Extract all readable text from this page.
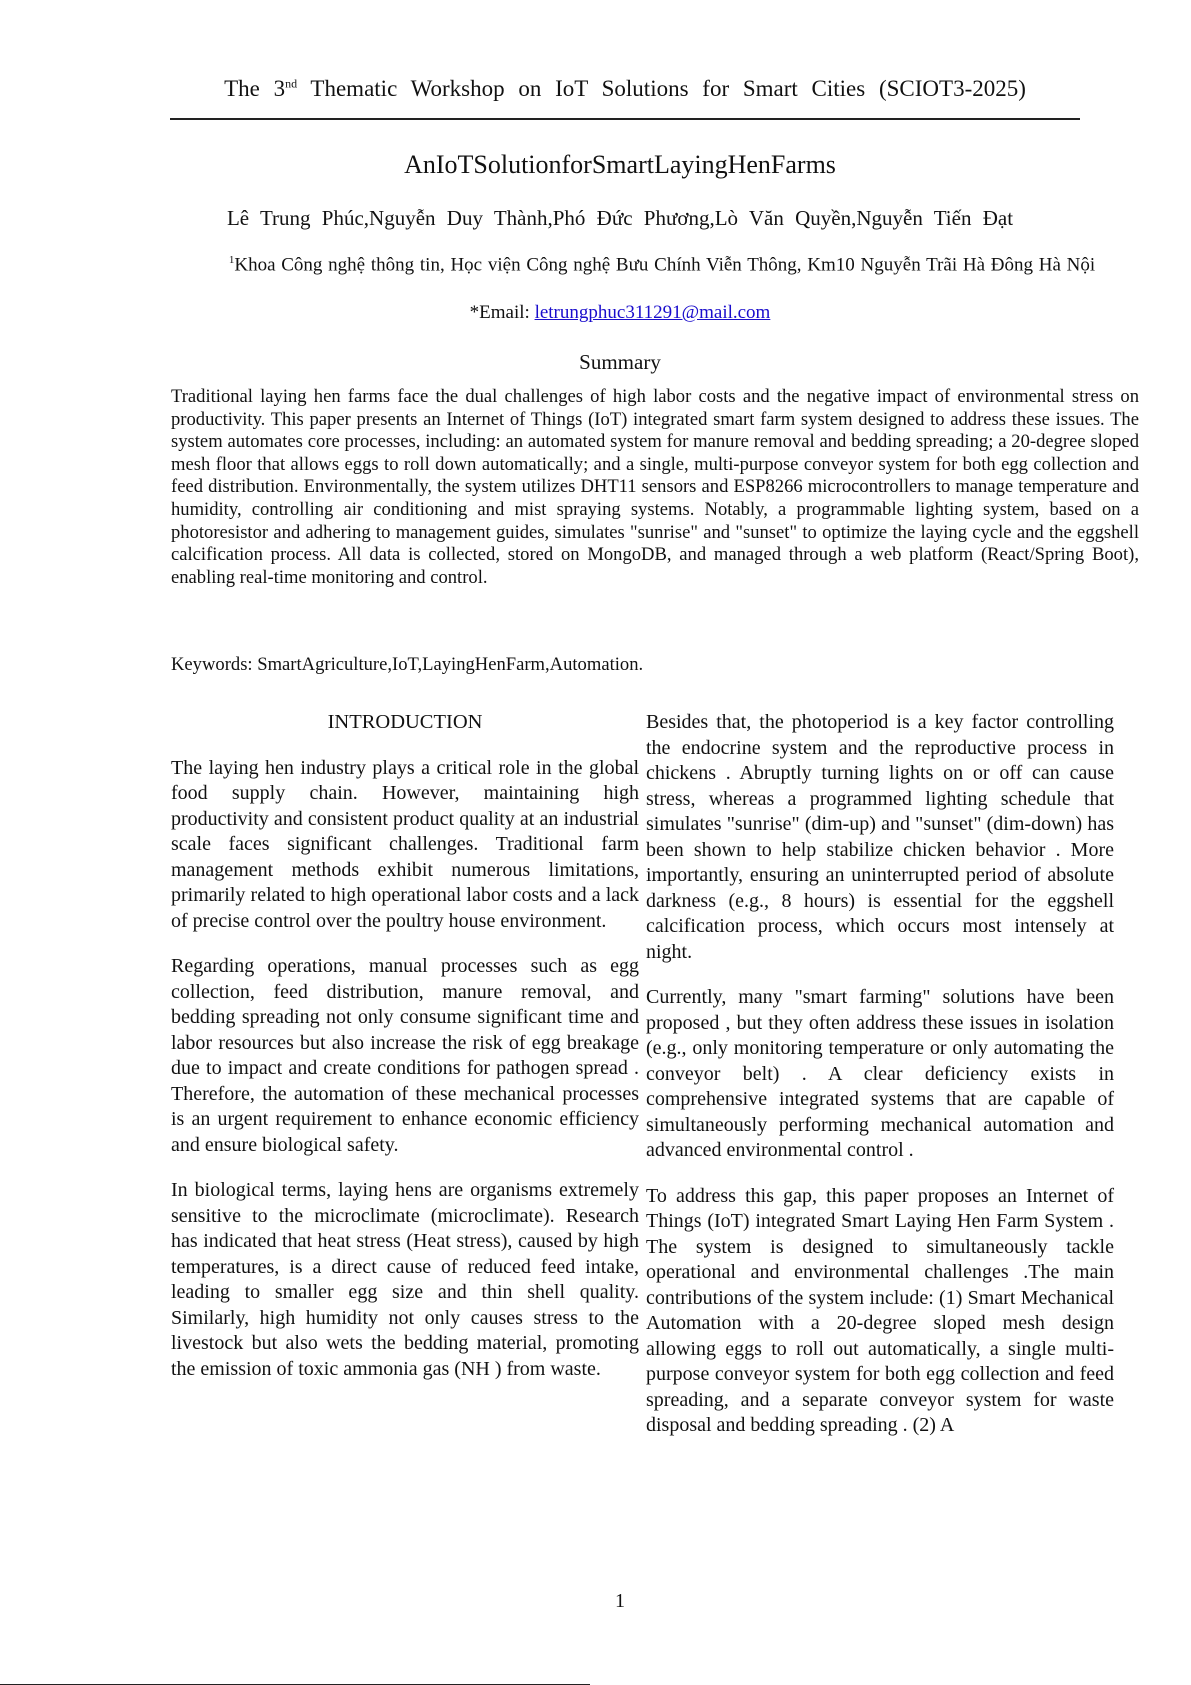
The 3nd Thematic Workshop on IoT Solutions for Smart Cities (SCIOT3-2025)
AnIoTSolutionforSmartLayingHenFarms
Lê Trung Phúc,Nguyễn Duy Thành,Phó Đức Phương,Lò Văn Quyền,Nguyễn Tiến Đạt
$^1$Khoa Công nghệ thông tin, Học viện Công nghệ Bưu Chính Viễn Thông, Km10 Nguyễn Trãi Hà Đông Hà Nội
*Email: letrungphuc311291@mail.com
Summary

Traditional laying hen farms face the dual challenges of high labor costs and the negative impact of environmental stress on productivity. This paper presents an Internet of Things (IoT) integrated smart farm system designed to address these issues. The system automates core processes, including: an automated system for manure removal and bedding spreading; a 20-degree sloped mesh floor that allows eggs to roll down automatically; and a single, multi-purpose conveyor system for both egg collection and feed distribution. Environmentally, the system utilizes DHT11 sensors and ESP8266 microcontrollers to manage temperature and humidity, controlling air conditioning and mist spraying systems. Notably, a programmable lighting system, based on a photoresistor and adhering to management guides, simulates "sunrise" and "sunset" to optimize the laying cycle and the eggshell calcification process. All data is collected, stored on MongoDB, and managed through a web platform (React/Spring Boot), enabling real-time monitoring and control.

Keywords: SmartAgriculture,IoT,LayingHenFarm,Automation.
INTRODUCTION

The laying hen industry plays a critical role in the global food supply chain. However, maintaining high productivity and consistent product quality at an industrial scale faces significant challenges. Traditional farm management methods exhibit numerous limitations, primarily related to high operational labor costs and a lack of precise control over the poultry house environment.

Regarding operations, manual processes such as egg collection, feed distribution, manure removal, and bedding spreading not only consume significant time and labor resources but also increase the risk of egg breakage due to impact and create conditions for pathogen spread . Therefore, the automation of these mechanical processes is an urgent requirement to enhance economic efficiency and ensure biological safety.

In biological terms, laying hens are organisms extremely sensitive to the microclimate (microclimate). Research has indicated that heat stress (Heat stress), caused by high temperatures, is a direct cause of reduced feed intake, leading to smaller egg size and thin shell quality. Similarly, high humidity not only causes stress to the livestock but also wets the bedding material, promoting the emission of toxic ammonia gas (NH ) from waste.

Besides that, the photoperiod is a key factor controlling the endocrine system and the reproductive process in chickens . Abruptly turning lights on or off can cause stress, whereas a programmed lighting schedule that simulates "sunrise" (dim-up) and "sunset" (dim-down) has been shown to help stabilize chicken behavior . More importantly, ensuring an uninterrupted period of absolute darkness (e.g., 8 hours) is essential for the eggshell calcification process, which occurs most intensely at night.

Currently, many "smart farming" solutions have been proposed , but they often address these issues in isolation (e.g., only monitoring temperature or only automating the conveyor belt) . A clear deficiency exists in comprehensive integrated systems that are capable of simultaneously performing mechanical automation and advanced environmental control .

To address this gap, this paper proposes an Internet of Things (IoT) integrated Smart Laying Hen Farm System . The system is designed to simultaneously tackle operational and environmental challenges .The main contributions of the system include: (1) Smart Mechanical Automation with a 20-degree sloped mesh design allowing eggs to roll out automatically, a single multi-purpose conveyor system for both egg collection and feed spreading, and a separate conveyor system for waste disposal and bedding spreading . (2) A

1
